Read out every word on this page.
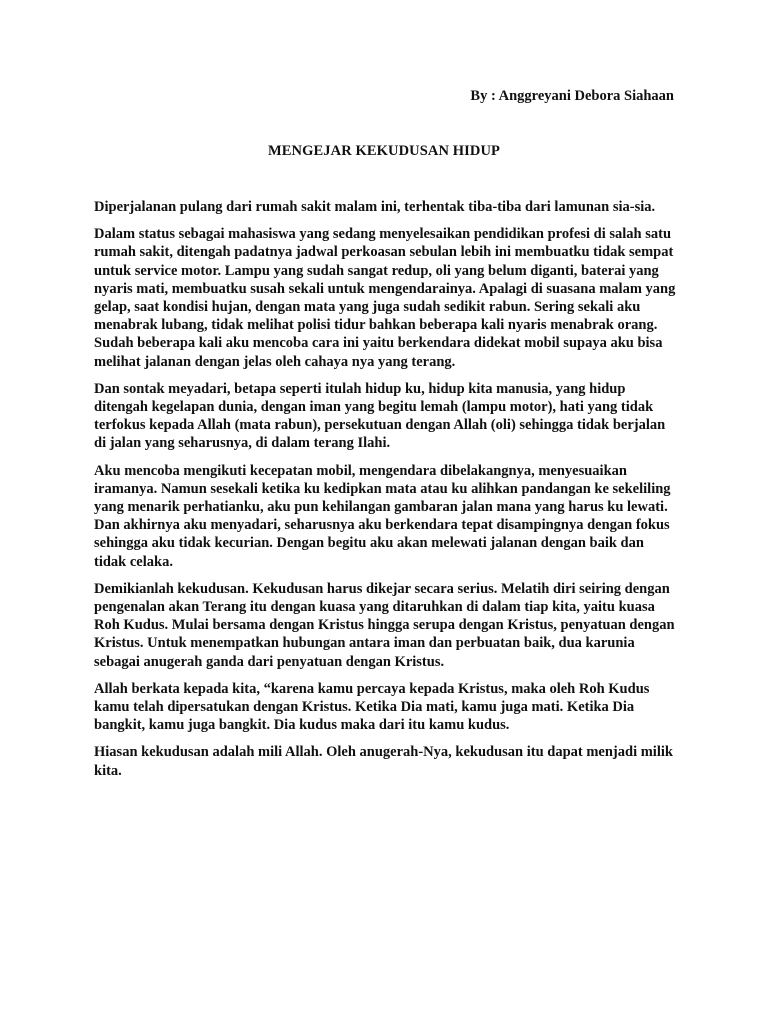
By : Anggreyani Debora Siahaan
MENGEJAR KEKUDUSAN HIDUP

Diperjalanan pulang dari rumah sakit malam ini, terhentak tiba-tiba dari lamunan sia-sia.

Dalam status sebagai mahasiswa yang sedang menyelesaikan pendidikan profesi di salah satu rumah sakit, ditengah padatnya jadwal perkoasan sebulan lebih ini membuatku tidak sempat untuk service motor. Lampu yang sudah sangat redup, oli yang belum diganti, baterai yang nyaris mati, membuatku susah sekali untuk mengendarainya. Apalagi di suasana malam yang gelap, saat kondisi hujan, dengan mata yang juga sudah sedikit rabun. Sering sekali aku menabrak lubang, tidak melihat polisi tidur bahkan beberapa kali nyaris menabrak orang. Sudah beberapa kali aku mencoba cara ini yaitu berkendara didekat mobil supaya aku bisa melihat jalanan dengan jelas oleh cahaya nya yang terang.

Dan sontak meyadari, betapa seperti itulah hidup ku, hidup kita manusia, yang hidup ditengah kegelapan dunia, dengan iman yang begitu lemah (lampu motor), hati yang tidak terfokus kepada Allah (mata rabun), persekutuan dengan Allah (oli) sehingga tidak berjalan di jalan yang seharusnya, di dalam terang Ilahi.

Aku mencoba mengikuti kecepatan mobil, mengendara dibelakangnya, menyesuaikan iramanya. Namun sesekali ketika ku kedipkan mata atau ku alihkan pandangan ke sekeliling yang menarik perhatianku, aku pun kehilangan gambaran jalan mana yang harus ku lewati. Dan akhirnya aku menyadari, seharusnya aku berkendara tepat disampingnya dengan fokus sehingga aku tidak kecurian. Dengan begitu aku akan melewati jalanan dengan baik dan tidak celaka.

Demikianlah kekudusan. Kekudusan harus dikejar secara serius. Melatih diri seiring dengan pengenalan akan Terang itu dengan kuasa yang ditaruhkan di dalam tiap kita, yaitu kuasa Roh Kudus. Mulai bersama dengan Kristus hingga serupa dengan Kristus, penyatuan dengan Kristus. Untuk menempatkan hubungan antara iman dan perbuatan baik, dua karunia sebagai anugerah ganda dari penyatuan dengan Kristus.

Allah berkata kepada kita, “karena kamu percaya kepada Kristus, maka oleh Roh Kudus kamu telah dipersatukan dengan Kristus. Ketika Dia mati, kamu juga mati. Ketika Dia bangkit, kamu juga bangkit. Dia kudus maka dari itu kamu kudus.

Hiasan kekudusan adalah mili Allah. Oleh anugerah-Nya, kekudusan itu dapat menjadi milik kita.
